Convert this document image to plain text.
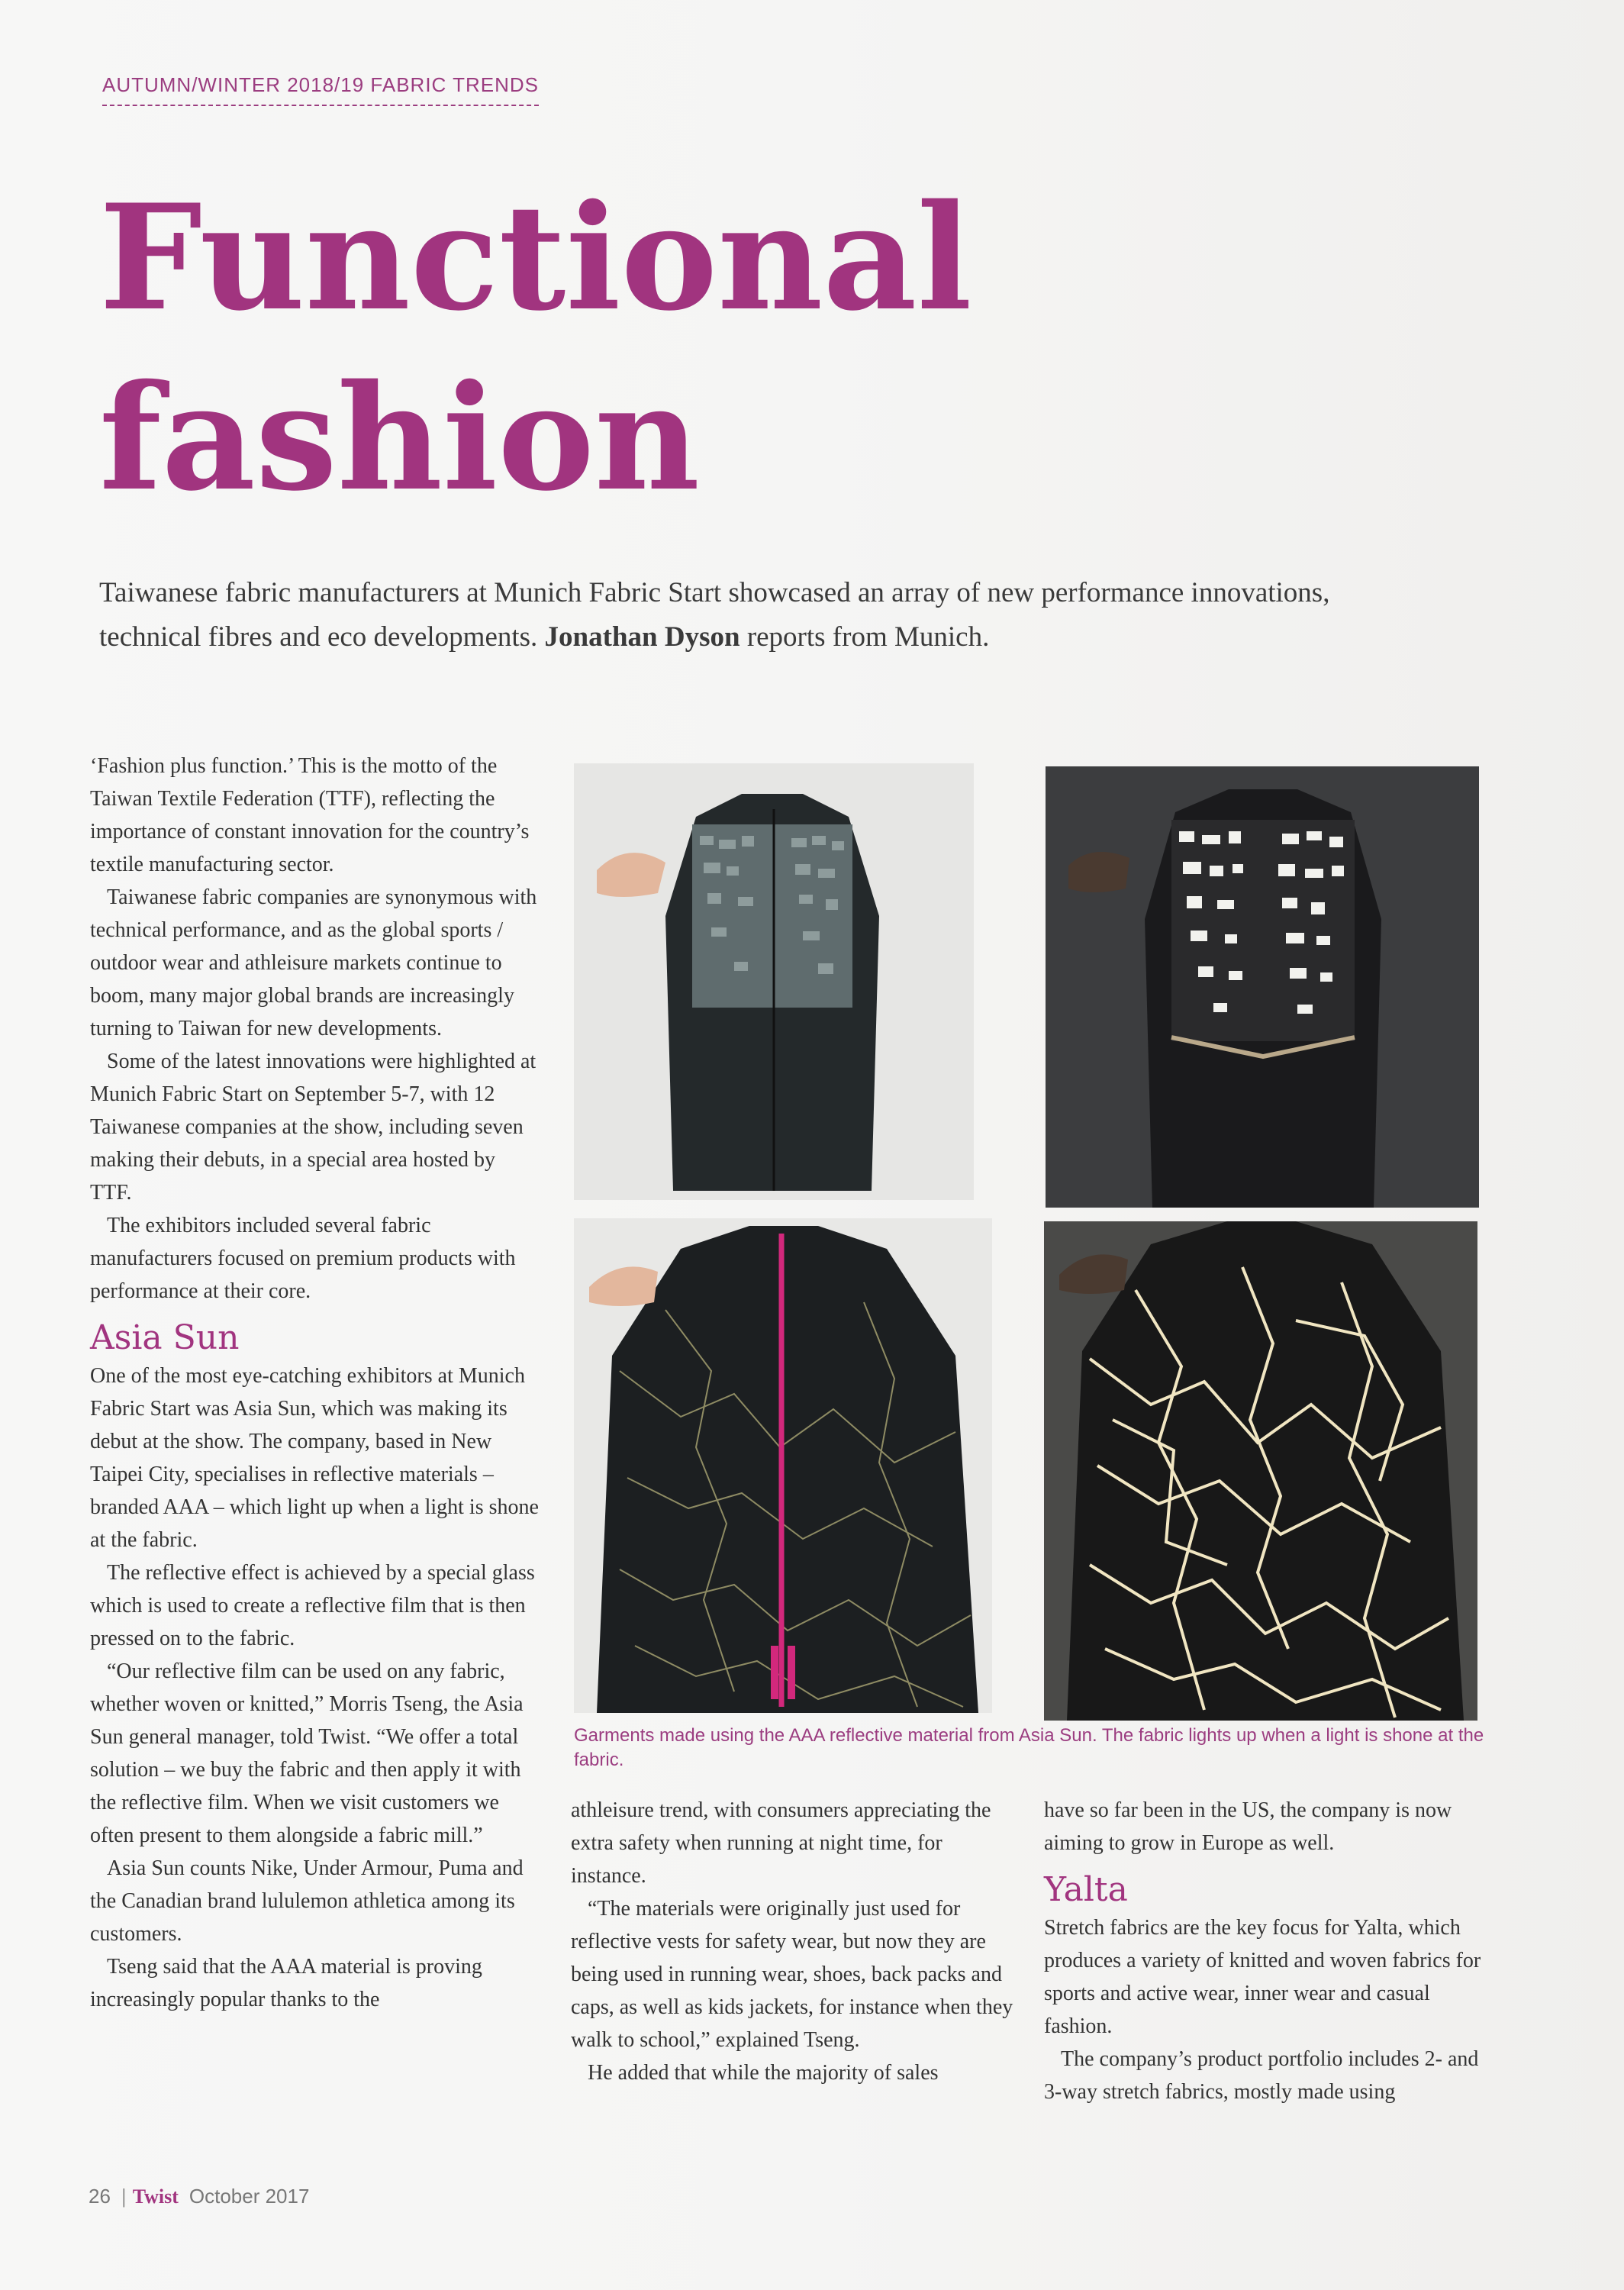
AUTUMN/WINTER 2018/19 FABRIC TRENDS
Functional
fashion
Taiwanese fabric manufacturers at Munich Fabric Start showcased an array of new performance innovations, technical fibres and eco developments. Jonathan Dyson reports from Munich.

‘Fashion plus function.’ This is the motto of the Taiwan Textile Federation (TTF), reflecting the importance of constant innovation for the country’s textile manufacturing sector.

Taiwanese fabric companies are synonymous with technical performance, and as the global sports / outdoor wear and athleisure markets continue to boom, many major global brands are increasingly turning to Taiwan for new developments.

Some of the latest innovations were highlighted at Munich Fabric Start on September 5-7, with 12 Taiwanese companies at the show, including seven making their debuts, in a special area hosted by TTF.

The exhibitors included several fabric manufacturers focused on premium products with performance at their core.

Asia Sun

One of the most eye-catching exhibitors at Munich Fabric Start was Asia Sun, which was making its debut at the show. The company, based in New Taipei City, specialises in reflective materials – branded AAA – which light up when a light is shone at the fabric.

The reflective effect is achieved by a special glass which is used to create a reflective film that is then pressed on to the fabric.

“Our reflective film can be used on any fabric, whether woven or knitted,” Morris Tseng, the Asia Sun general manager, told Twist. “We offer a total solution – we buy the fabric and then apply it with the reflective film. When we visit customers we often present to them alongside a fabric mill.”

Asia Sun counts Nike, Under Armour, Puma and the Canadian brand lululemon athletica among its customers.

Tseng said that the AAA material is proving increasingly popular thanks to the

Garments made using the AAA reflective material from Asia Sun. The fabric lights up when a light is shone at the fabric.

athleisure trend, with consumers appreciating the extra safety when running at night time, for instance.

“The materials were originally just used for reflective vests for safety wear, but now they are being used in running wear, shoes, back packs and caps, as well as kids jackets, for instance when they walk to school,” explained Tseng.

He added that while the majority of sales

have so far been in the US, the company is now aiming to grow in Europe as well.

Yalta

Stretch fabrics are the key focus for Yalta, which produces a variety of knitted and woven fabrics for sports and active wear, inner wear and casual fashion.

The company’s product portfolio includes 2- and 3-way stretch fabrics, mostly made using

26 | Twist October 2017
